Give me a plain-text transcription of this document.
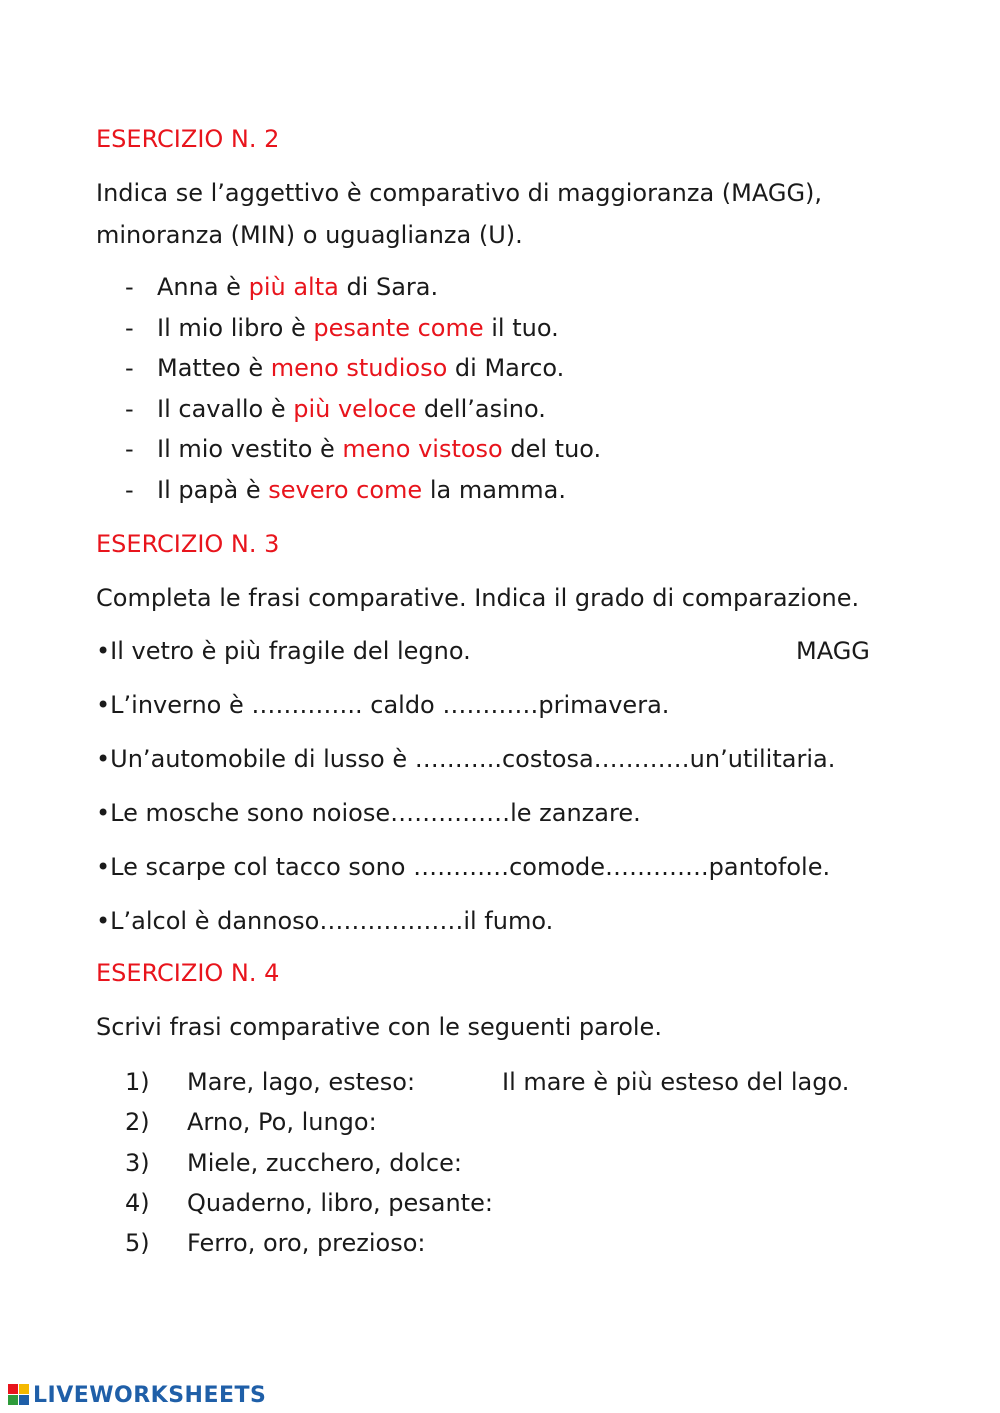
ESERCIZIO N. 2
Indica se l’aggettivo è comparativo di maggioranza (MAGG),
minoranza (MIN) o uguaglianza (U).
- Anna è più alta di Sara.
- Il mio libro è pesante come il tuo.
- Matteo è meno studioso di Marco.
- Il cavallo è più veloce dell’asino.
- Il mio vestito è meno vistoso del tuo.
- Il papà è severo come la mamma.
ESERCIZIO N. 3
Completa le frasi comparative. Indica il grado di comparazione.
•Il vetro è più fragile del legno.	MAGG
•L’inverno è ………….. caldo …………primavera.
•Un’automobile di lusso è ………..costosa…………un’utilitaria.
•Le mosche sono noiose……………le zanzare.
•Le scarpe col tacco sono …………comode………….pantofole.
•L’alcol è dannoso………………il fumo.
ESERCIZIO N. 4
Scrivi frasi comparative con le seguenti parole.
1) Mare, lago, esteso:	Il mare è più esteso del lago.
2) Arno, Po, lungo:
3) Miele, zucchero, dolce:
4) Quaderno, libro, pesante:
5) Ferro, oro, prezioso:
LIVEWORKSHEETS
